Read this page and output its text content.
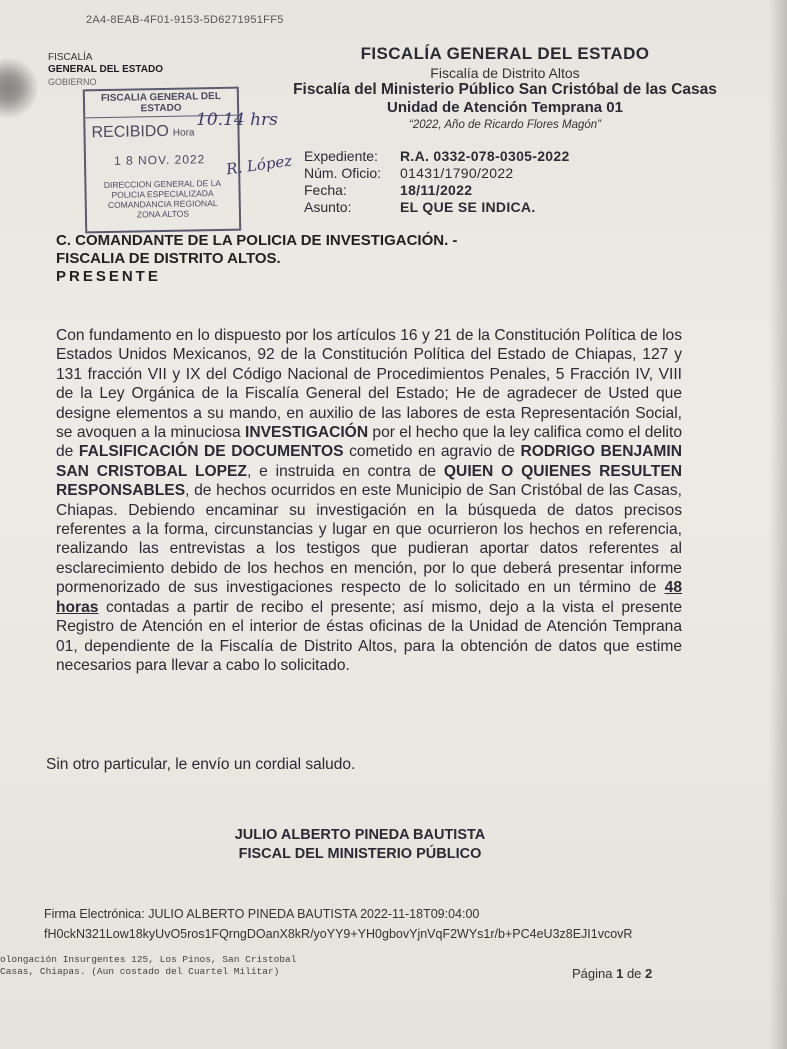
2A4-8EAB-4F01-9153-5D6271951FF5
FISCALÍA
GENERAL DEL ESTADO
GOBIERNO
FISCALÍA GENERAL DEL ESTADO
Fiscalía de Distrito Altos
Fiscalía del Ministerio Público San Cristóbal de las Casas
Unidad de Atención Temprana 01
“2022, Año de Ricardo Flores Magón”
FISCALIA GENERAL DEL ESTADO
RECIBIDO Hora
1 8 NOV. 2022
DIRECCION GENERAL DE LA
POLICIA ESPECIALIZADA
COMANDANCIA REGIONAL
ZONA ALTOS
10.14 hrs
R. López Expediente:	R.A. 0332-078-0305-2022
Núm. Oficio:	01431/1790/2022
Fecha:	18/11/2022
Asunto:	EL QUE SE INDICA.
C. COMANDANTE DE LA POLICIA DE INVESTIGACIÓN. -
FISCALIA DE DISTRITO ALTOS.
PRESENTE
Con fundamento en lo dispuesto por los artículos 16 y 21 de la Constitución Política de los Estados Unidos Mexicanos, 92 de la Constitución Política del Estado de Chiapas, 127 y 131 fracción VII y IX del Código Nacional de Procedimientos Penales, 5 Fracción IV, VIII de la Ley Orgánica de la Fiscalía General del Estado; He de agradecer de Usted que designe elementos a su mando, en auxilio de las labores de esta Representación Social, se avoquen a la minuciosa INVESTIGACIÓN por el hecho que la ley califica como el delito de FALSIFICACIÓN DE DOCUMENTOS cometido en agravio de RODRIGO BENJAMIN SAN CRISTOBAL LOPEZ, e instruida en contra de QUIEN O QUIENES RESULTEN RESPONSABLES, de hechos ocurridos en este Municipio de San Cristóbal de las Casas, Chiapas. Debiendo encaminar su investigación en la búsqueda de datos precisos referentes a la forma, circunstancias y lugar en que ocurrieron los hechos en referencia, realizando las entrevistas a los testigos que pudieran aportar datos referentes al esclarecimiento debido de los hechos en mención, por lo que deberá presentar informe pormenorizado de sus investigaciones respecto de lo solicitado en un término de 48 horas contadas a partir de recibo el presente; así mismo, dejo a la vista el presente Registro de Atención en el interior de éstas oficinas de la Unidad de Atención Temprana 01, dependiente de la Fiscalía de Distrito Altos, para la obtención de datos que estime necesarios para llevar a cabo lo solicitado.
Sin otro particular, le envío un cordial saludo.
JULIO ALBERTO PINEDA BAUTISTA
FISCAL DEL MINISTERIO PÚBLICO
Firma Electrónica: JULIO ALBERTO PINEDA BAUTISTA 2022-11-18T09:04:00
fH0ckN321Low18kyUvO5ros1FQrngDOanX8kR/yoYY9+YH0gbovYjnVqF2WYs1r/b+PC4eU3z8EJI1vcovR
olongación Insurgentes 125, Los Pinos, San Cristobal
Casas, Chiapas. (Aun costado del Cuartel Militar)	Página 1 de 2
